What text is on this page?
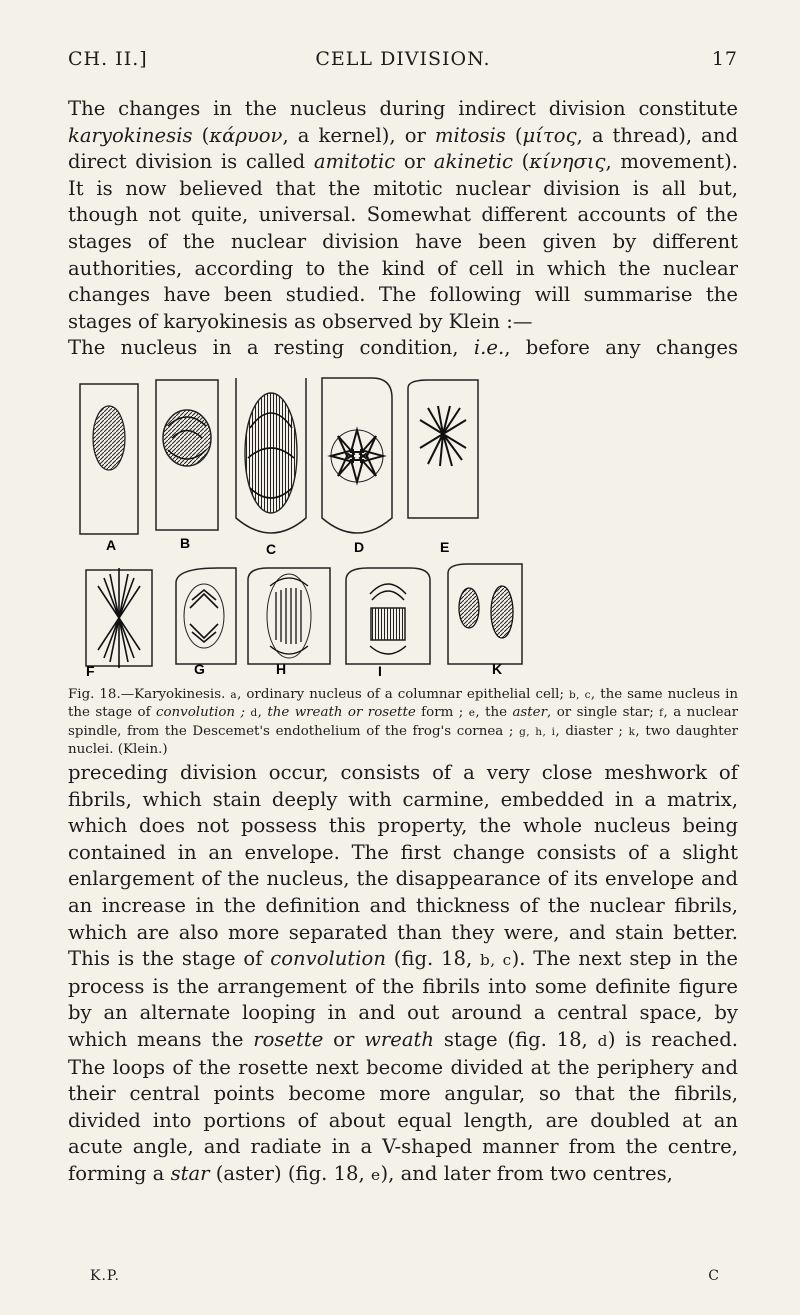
CH. II.]	CELL DIVISION.	17

The changes in the nucleus during indirect division constitute karyokinesis (κάρυον, a kernel), or mitosis (μίτος, a thread), and direct division is called amitotic or akinetic (κίνησις, movement). It is now believed that the mitotic nuclear division is all but, though not quite, universal. Somewhat different accounts of the stages of the nuclear division have been given by different authorities, according to the kind of cell in which the nuclear changes have been studied. The following will summarise the stages of karyokinesis as observed by Klein :—

The nucleus in a resting condition, i.e., before any changes

A	B	C	D	E
F	G	H	I	K

Fig. 18.—Karyokinesis. a, ordinary nucleus of a columnar epithelial cell; b, c, the same nucleus in the stage of convolution ; d, the wreath or rosette form ; e, the aster, or single star; f, a nuclear spindle, from the Descemet's endothelium of the frog's cornea ; g, h, i, diaster ; k, two daughter nuclei. (Klein.)

preceding division occur, consists of a very close meshwork of fibrils, which stain deeply with carmine, embedded in a matrix, which does not possess this property, the whole nucleus being contained in an envelope. The first change consists of a slight enlargement of the nucleus, the disappearance of its envelope and an increase in the definition and thickness of the nuclear fibrils, which are also more separated than they were, and stain better. This is the stage of convolution (fig. 18, b, c). The next step in the process is the arrangement of the fibrils into some definite figure by an alternate looping in and out around a central space, by which means the rosette or wreath stage (fig. 18, d) is reached. The loops of the rosette next become divided at the periphery and their central points become more angular, so that the fibrils, divided into portions of about equal length, are doubled at an acute angle, and radiate in a V-shaped manner from the centre, forming a star (aster) (fig. 18, e), and later from two centres,

K.P.	C
